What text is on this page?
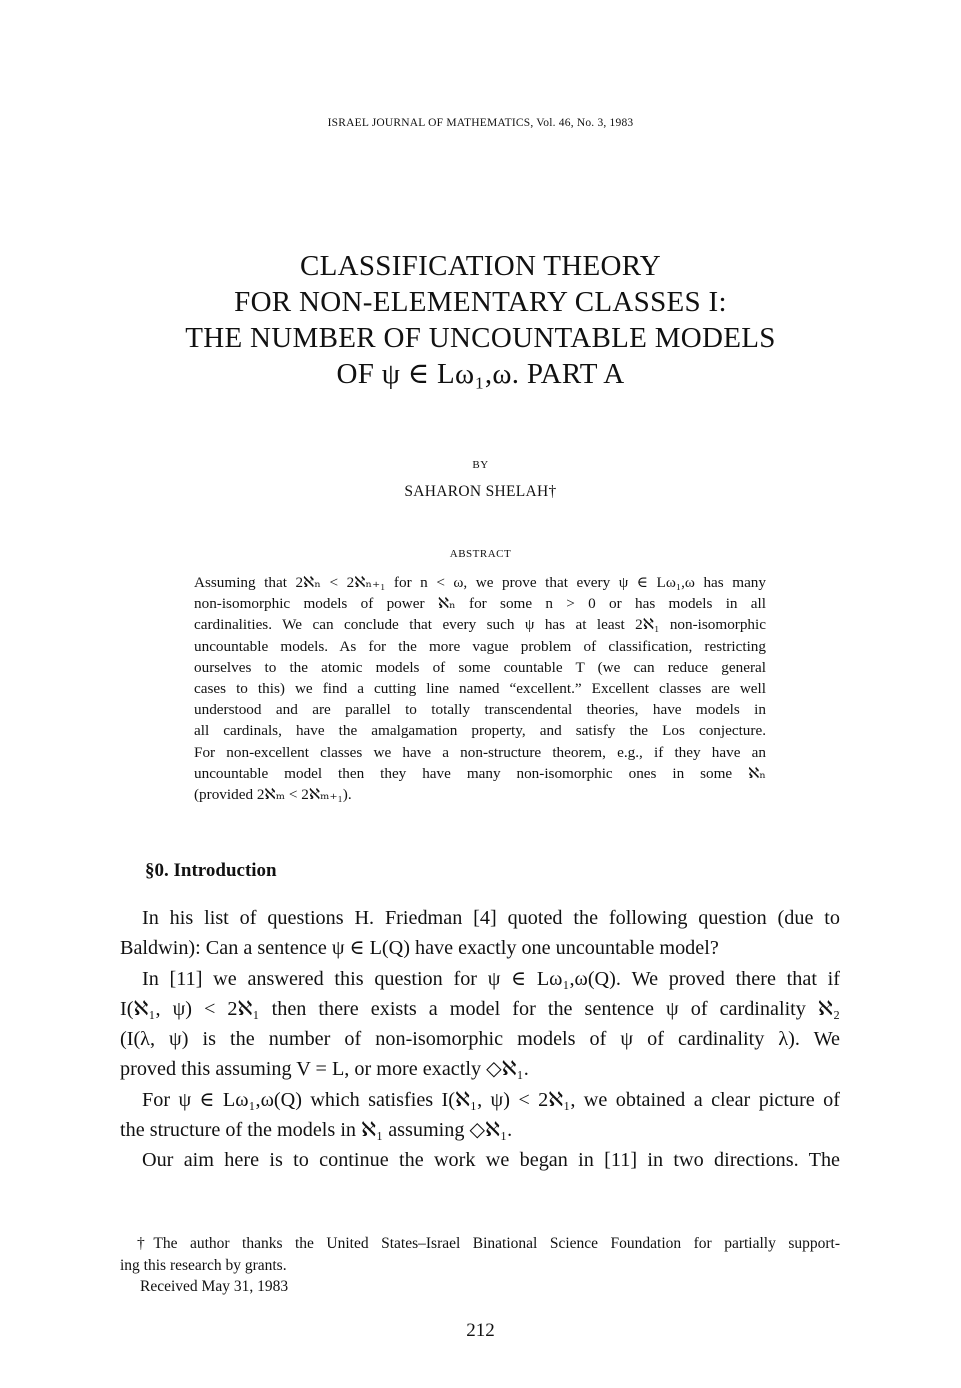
ISRAEL JOURNAL OF MATHEMATICS, Vol. 46, No. 3, 1983
CLASSIFICATION THEORY
FOR NON-ELEMENTARY CLASSES I:
THE NUMBER OF UNCOUNTABLE MODELS
OF ψ ∈ Lω₁,ω. PART A
BY
SAHARON SHELAH†
ABSTRACT
Assuming that 2ℵₙ < 2ℵₙ₊₁ for n < ω, we prove that every ψ ∈ Lω₁,ω has many
non-isomorphic models of power ℵₙ for some n > 0 or has models in all
cardinalities. We can conclude that every such ψ has at least 2ℵ₁ non-isomorphic
uncountable models. As for the more vague problem of classification, restricting
ourselves to the atomic models of some countable T (we can reduce general
cases to this) we find a cutting line named “excellent.” Excellent classes are well
understood and are parallel to totally transcendental theories, have models in
all cardinals, have the amalgamation property, and satisfy the Los conjecture.
For non-excellent classes we have a non-structure theorem, e.g., if they have an
uncountable model then they have many non-isomorphic ones in some ℵₙ
(provided 2ℵₘ < 2ℵₘ₊₁).
§0. Introduction
In his list of questions H. Friedman [4] quoted the following question (due to
Baldwin): Can a sentence ψ ∈ L(Q) have exactly one uncountable model?
In [11] we answered this question for ψ ∈ Lω₁,ω(Q). We proved there that if
I(ℵ₁, ψ) < 2ℵ₁ then there exists a model for the sentence ψ of cardinality ℵ₂
(I(λ, ψ) is the number of non-isomorphic models of ψ of cardinality λ). We
proved this assuming V = L, or more exactly ◇ℵ₁.
For ψ ∈ Lω₁,ω(Q) which satisfies I(ℵ₁, ψ) < 2ℵ₁, we obtained a clear picture of
the structure of the models in ℵ₁ assuming ◇ℵ₁.
Our aim here is to continue the work we began in [11] in two directions. The
†The author thanks the United States–Israel Binational Science Foundation for partially support-
ing this research by grants.
Received May 31, 1983
212
